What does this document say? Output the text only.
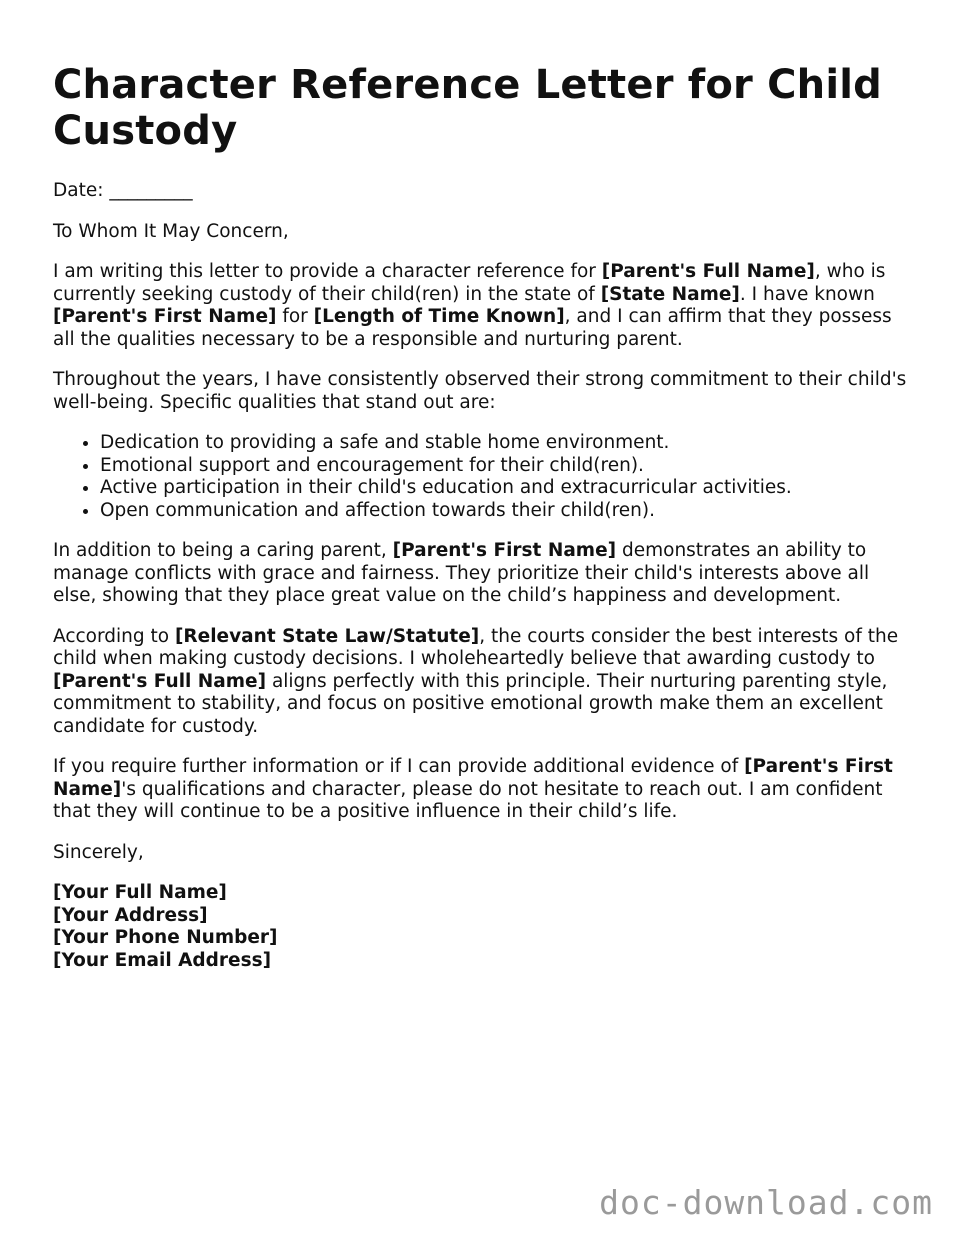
Character Reference Letter for Child Custody

Date: _________

To Whom It May Concern,

I am writing this letter to provide a character reference for [Parent's Full Name], who is currently seeking custody of their child(ren) in the state of [State Name]. I have known [Parent's First Name] for [Length of Time Known], and I can affirm that they possess all the qualities necessary to be a responsible and nurturing parent.

Throughout the years, I have consistently observed their strong commitment to their child's well-being. Specific qualities that stand out are:

• Dedication to providing a safe and stable home environment.
• Emotional support and encouragement for their child(ren).
• Active participation in their child's education and extracurricular activities.
• Open communication and affection towards their child(ren).

In addition to being a caring parent, [Parent's First Name] demonstrates an ability to manage conflicts with grace and fairness. They prioritize their child's interests above all else, showing that they place great value on the child’s happiness and development.

According to [Relevant State Law/Statute], the courts consider the best interests of the child when making custody decisions. I wholeheartedly believe that awarding custody to [Parent's Full Name] aligns perfectly with this principle. Their nurturing parenting style, commitment to stability, and focus on positive emotional growth make them an excellent candidate for custody.

If you require further information or if I can provide additional evidence of [Parent's First Name]'s qualifications and character, please do not hesitate to reach out. I am confident that they will continue to be a positive influence in their child’s life.

Sincerely,

[Your Full Name]
[Your Address]
[Your Phone Number]
[Your Email Address]
doc-download.com
